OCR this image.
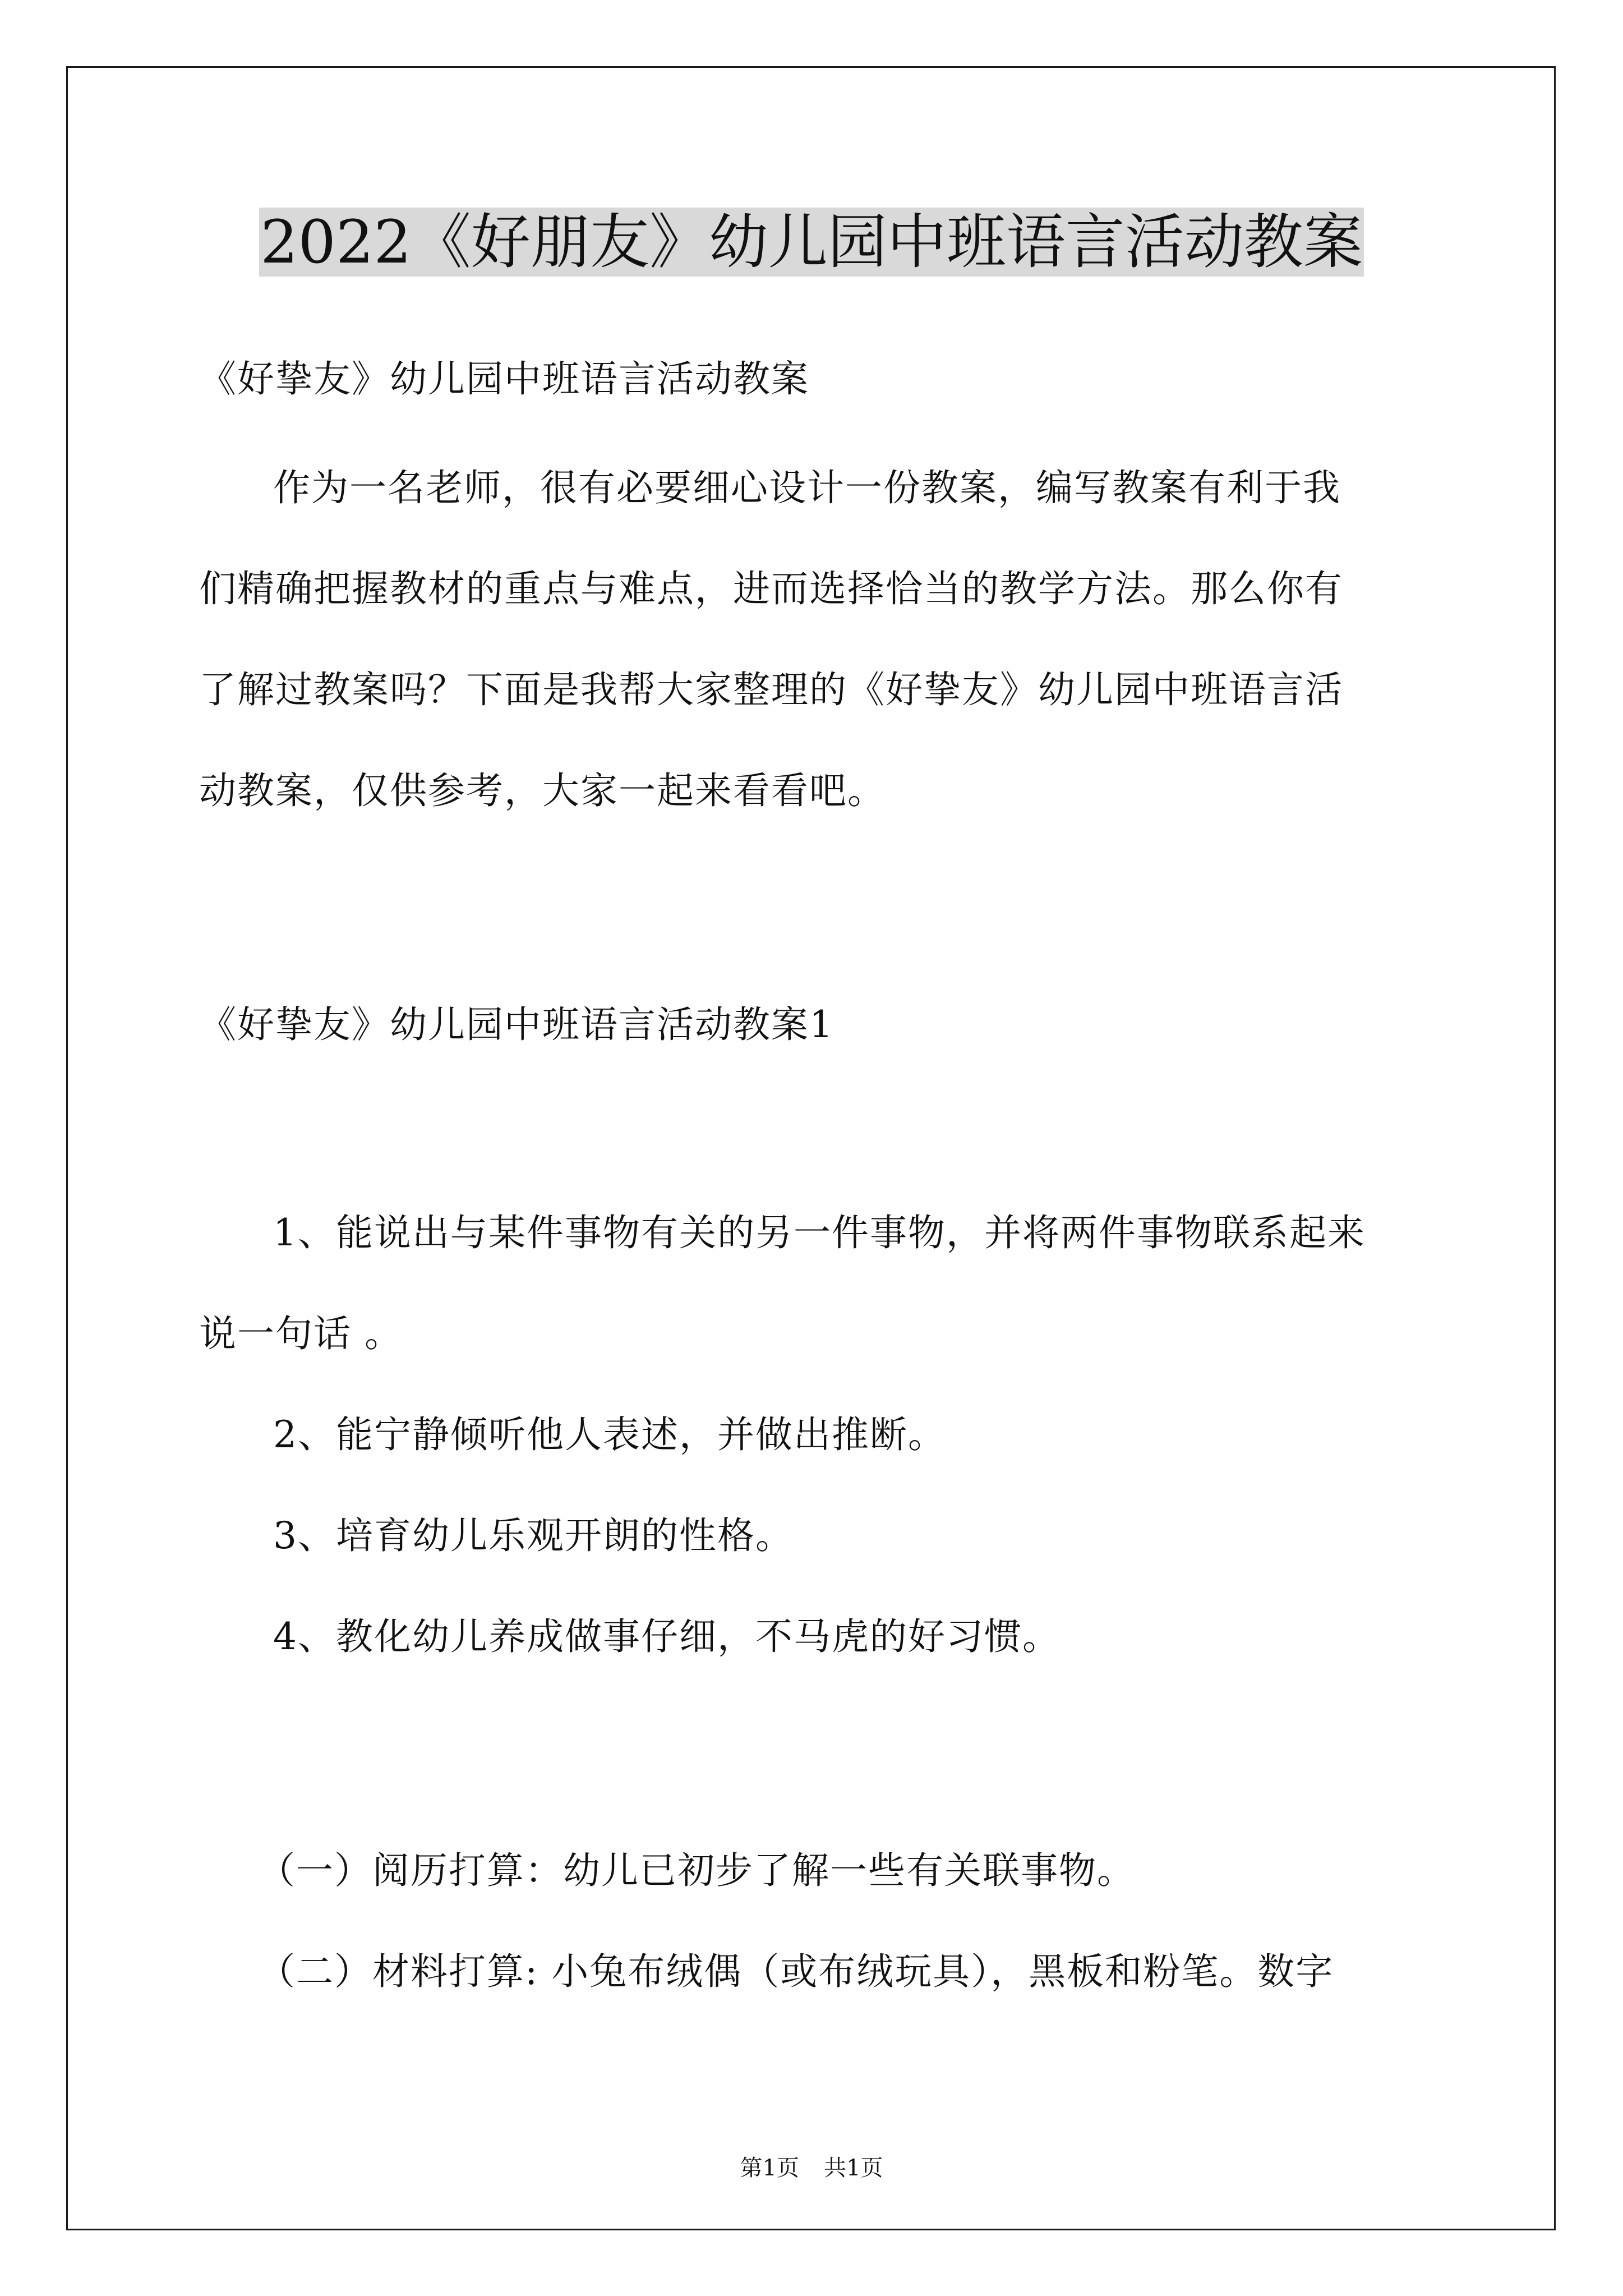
2022《好朋友》幼儿园中班语言活动教案
《好挚友》幼儿园中班语言活动教案
作为一名老师，很有必要细心设计一份教案，编写教案有利于我
们精确把握教材的重点与难点，进而选择恰当的教学方法。那么你有
了解过教案吗？下面是我帮大家整理的《好挚友》幼儿园中班语言活
动教案，仅供参考，大家一起来看看吧。
《好挚友》幼儿园中班语言活动教案1
1、能说出与某件事物有关的另一件事物，并将两件事物联系起来
说一句话 。
2、能宁静倾听他人表述，并做出推断。
3、培育幼儿乐观开朗的性格。
4、教化幼儿养成做事仔细，不马虎的好习惯。
（一）阅历打算：幼儿已初步了解一些有关联事物。
（二）材料打算: 小兔布绒偶（或布绒玩具），黑板和粉笔。数字
第1页 共1页
